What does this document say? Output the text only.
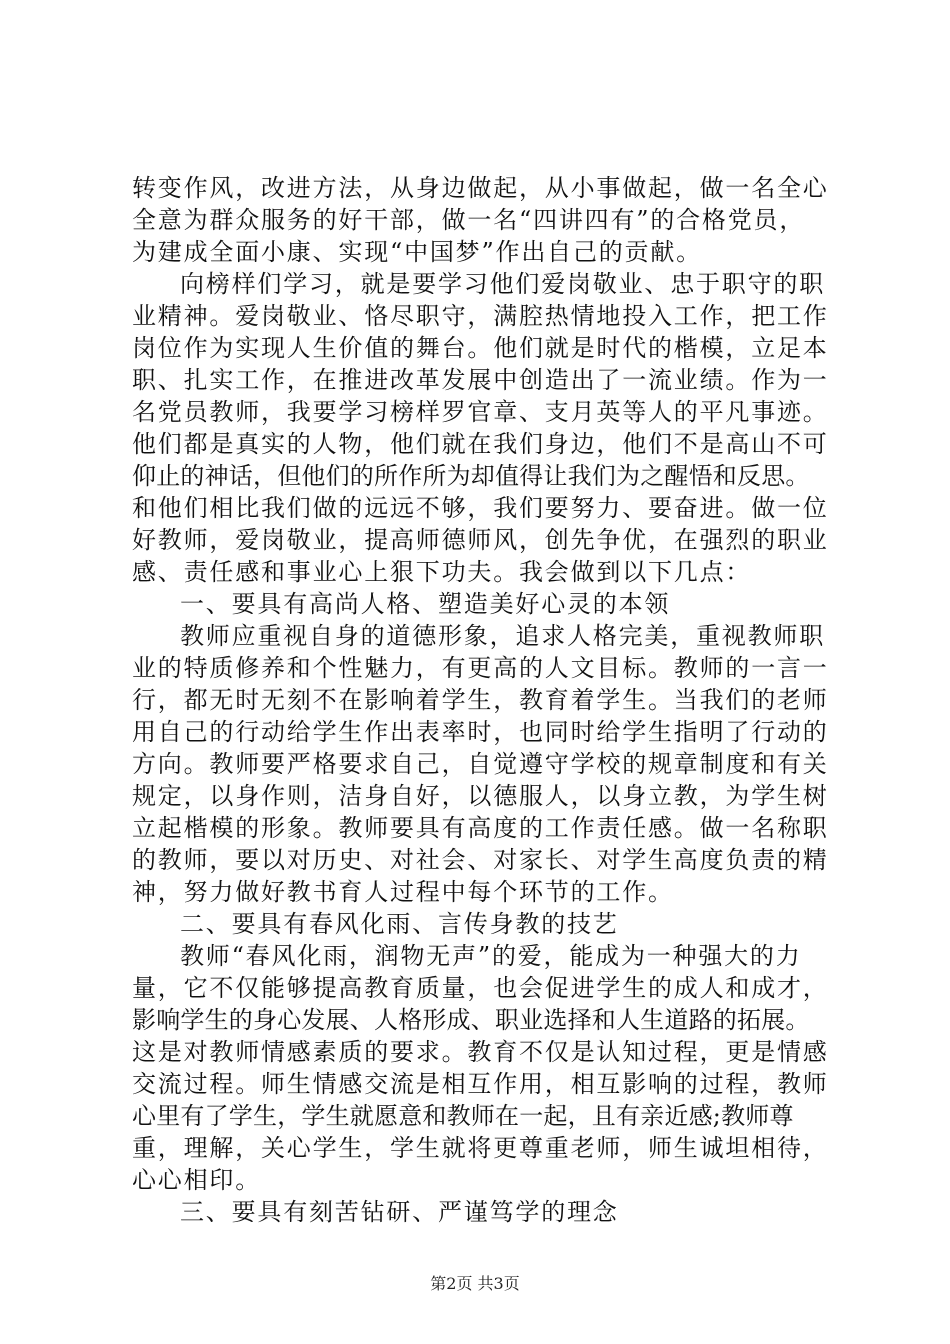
转变作风，改进方法，从身边做起，从小事做起，做一名全心
全意为群众服务的好干部，做一名“四讲四有”的合格党员，
为建成全面小康、实现“中国梦”作出自己的贡献。
向榜样们学习，就是要学习他们爱岗敬业、忠于职守的职
业精神。爱岗敬业、恪尽职守，满腔热情地投入工作，把工作
岗位作为实现人生价值的舞台。他们就是时代的楷模，立足本
职、扎实工作，在推进改革发展中创造出了一流业绩。作为一
名党员教师，我要学习榜样罗官章、支月英等人的平凡事迹。
他们都是真实的人物，他们就在我们身边，他们不是高山不可
仰止的神话，但他们的所作所为却值得让我们为之醒悟和反思。
和他们相比我们做的远远不够，我们要努力、要奋进。做一位
好教师，爱岗敬业，提高师德师风，创先争优，在强烈的职业
感、责任感和事业心上狠下功夫。我会做到以下几点：
一、要具有高尚人格、塑造美好心灵的本领
教师应重视自身的道德形象，追求人格完美，重视教师职
业的特质修养和个性魅力，有更高的人文目标。教师的一言一
行，都无时无刻不在影响着学生，教育着学生。当我们的老师
用自己的行动给学生作出表率时，也同时给学生指明了行动的
方向。教师要严格要求自己，自觉遵守学校的规章制度和有关
规定，以身作则，洁身自好，以德服人，以身立教，为学生树
立起楷模的形象。教师要具有高度的工作责任感。做一名称职
的教师，要以对历史、对社会、对家长、对学生高度负责的精
神，努力做好教书育人过程中每个环节的工作。
二、要具有春风化雨、言传身教的技艺
教师“春风化雨，润物无声”的爱，能成为一种强大的力
量，它不仅能够提高教育质量，也会促进学生的成人和成才，
影响学生的身心发展、人格形成、职业选择和人生道路的拓展。
这是对教师情感素质的要求。教育不仅是认知过程，更是情感
交流过程。师生情感交流是相互作用，相互影响的过程，教师
心里有了学生，学生就愿意和教师在一起，且有亲近感;教师尊
重，理解，关心学生，学生就将更尊重老师，师生诚坦相待，
心心相印。
三、要具有刻苦钻研、严谨笃学的理念
第2页 共3页
